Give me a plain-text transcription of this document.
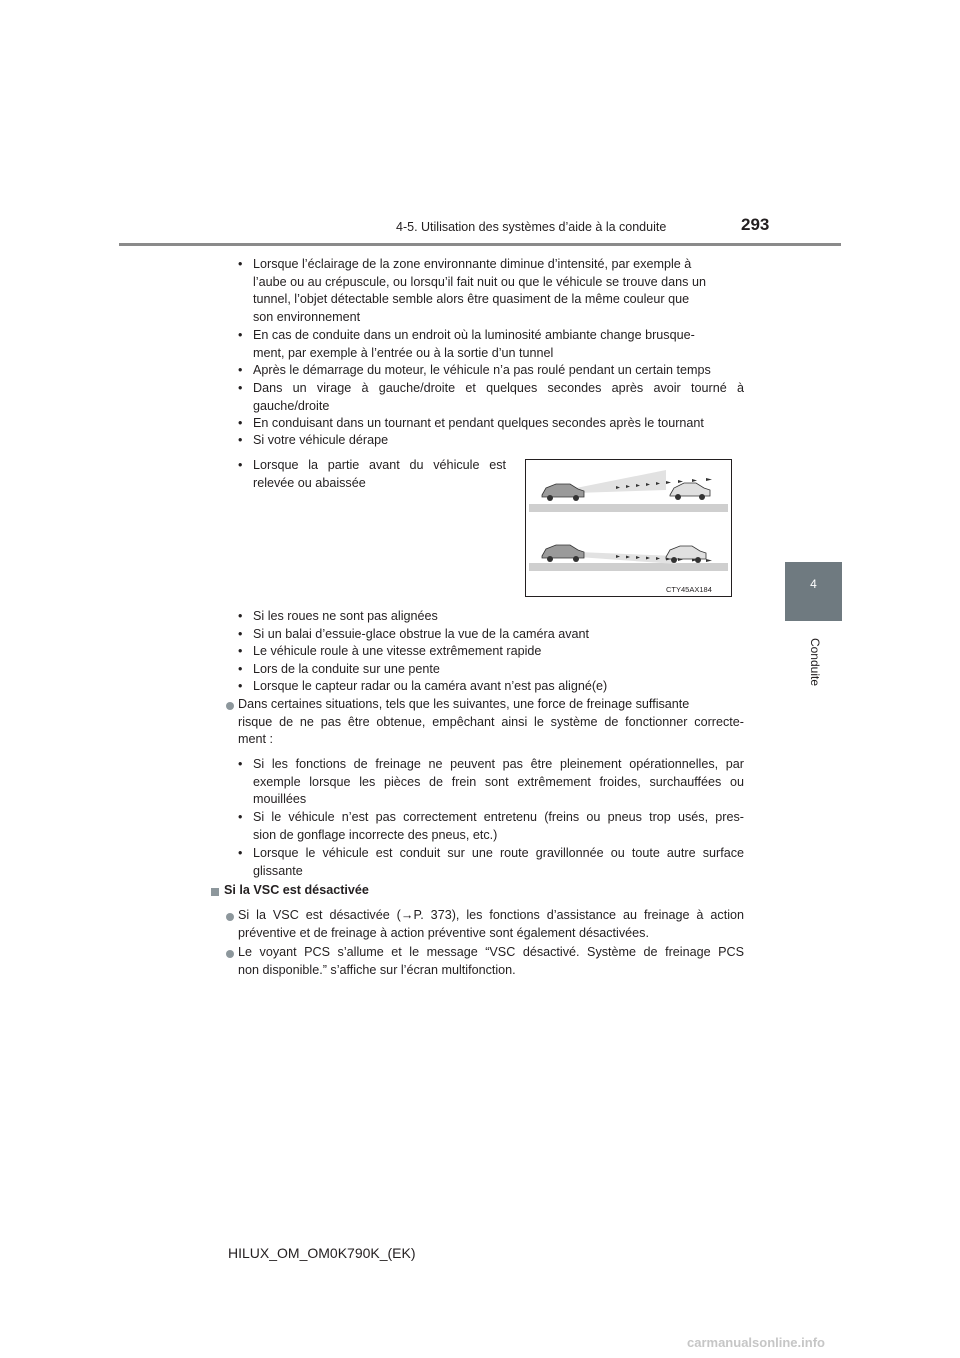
4-5. Utilisation des systèmes d’aide à la conduite	293
4
Conduite
• Lorsque l’éclairage de la zone environnante diminue d’intensité, par exemple à
l’aube ou au crépuscule, ou lorsqu’il fait nuit ou que le véhicule se trouve dans un
tunnel, l’objet détectable semble alors être quasiment de la même couleur que
son environnement
• En cas de conduite dans un endroit où la luminosité ambiante change brusque-
ment, par exemple à l’entrée ou à la sortie d’un tunnel
• Après le démarrage du moteur, le véhicule n’a pas roulé pendant un certain temps
• Dans un virage à gauche/droite et quelques secondes après avoir tourné à
gauche/droite
• En conduisant dans un tournant et pendant quelques secondes après le tournant
• Si votre véhicule dérape
• Lorsque la partie avant du véhicule est
relevée ou abaissée
CTY45AX184
• Si les roues ne sont pas alignées
• Si un balai d’essuie-glace obstrue la vue de la caméra avant
• Le véhicule roule à une vitesse extrêmement rapide
• Lors de la conduite sur une pente
• Lorsque le capteur radar ou la caméra avant n’est pas aligné(e)
Dans certaines situations, tels que les suivantes, une force de freinage suffisante
risque de ne pas être obtenue, empêchant ainsi le système de fonctionner correcte-
ment :
• Si les fonctions de freinage ne peuvent pas être pleinement opérationnelles, par
exemple lorsque les pièces de frein sont extrêmement froides, surchauffées ou
mouillées
• Si le véhicule n’est pas correctement entretenu (freins ou pneus trop usés, pres-
sion de gonflage incorrecte des pneus, etc.)
• Lorsque le véhicule est conduit sur une route gravillonnée ou toute autre surface
glissante
Si la VSC est désactivée
Si la VSC est désactivée (→P. 373), les fonctions d’assistance au freinage à action
préventive et de freinage à action préventive sont également désactivées.
Le voyant PCS s’allume et le message “VSC désactivé. Système de freinage PCS
non disponible.” s’affiche sur l’écran multifonction.
HILUX_OM_OM0K790K_(EK)
carmanualsonline.info
